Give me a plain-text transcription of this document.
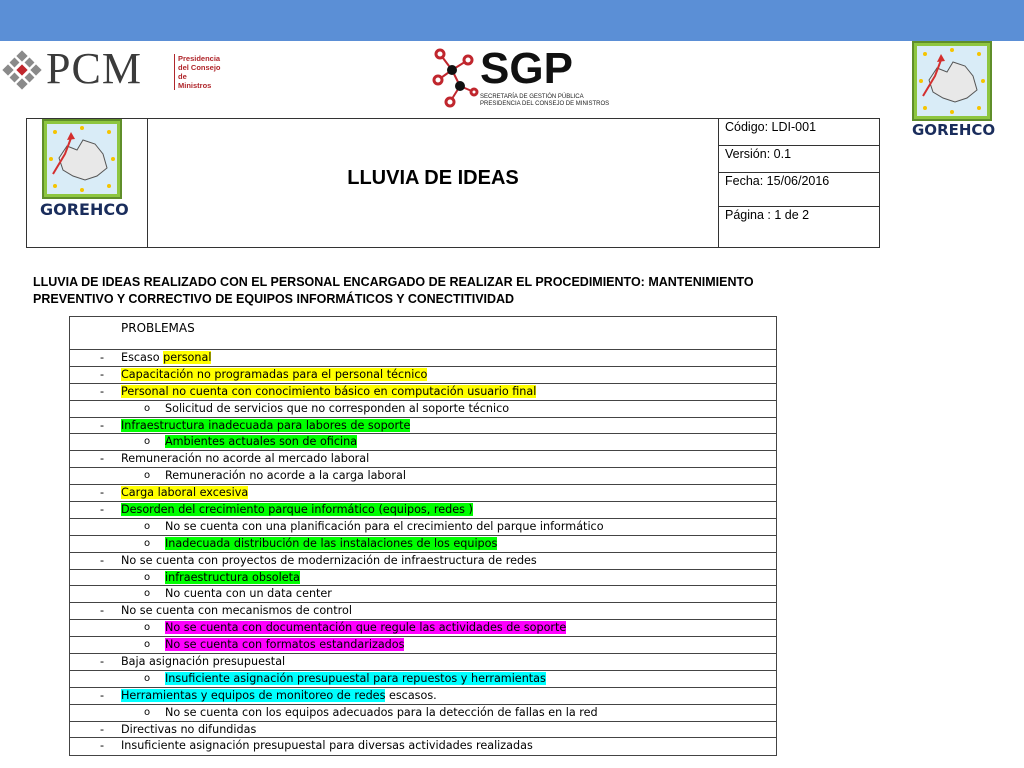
PCM	Presidencia
del Consejo
de Ministros	SGP
SECRETARÍA DE GESTIÓN PÚBLICA
PRESIDENCIA DEL CONSEJO DE MINISTROS
GOREHCO
LLUVIA DE IDEAS
Código: LDI-001
Versión: 0.1
Fecha: 15/06/2016
Página : 1 de 2
GOREHCO
LLUVIA DE IDEAS REALIZADO CON EL PERSONAL ENCARGADO DE REALIZAR EL PROCEDIMIENTO: MANTENIMIENTO PREVENTIVO Y CORRECTIVO DE EQUIPOS INFORMÁTICOS Y CONECTITIVIDAD
PROBLEMAS
- Escaso personal
- Capacitación no programadas para el personal técnico
- Personal no cuenta con conocimiento básico en computación usuario final
o Solicitud de servicios que no corresponden al soporte técnico
- Infraestructura inadecuada para labores de soporte
o Ambientes actuales son de oficina
- Remuneración no acorde al mercado laboral
o Remuneración no acorde a la carga laboral
- Carga laboral excesiva
- Desorden del crecimiento parque informático (equipos, redes )
o No se cuenta con una planificación para el crecimiento del parque informático
o Inadecuada distribución de las instalaciones de los equipos
- No se cuenta con proyectos de modernización de infraestructura de redes
o infraestructura obsoleta
o No cuenta con un data center
- No se cuenta con mecanismos de control
o No se cuenta con documentación que regule las actividades de soporte
o No se cuenta con formatos estandarizados
- Baja asignación presupuestal
o Insuficiente asignación presupuestal para repuestos y herramientas
- Herramientas y equipos de monitoreo de redes escasos.
o No se cuenta con los equipos adecuados para la detección de fallas en la red
- Directivas no difundidas
- Insuficiente asignación presupuestal para diversas actividades realizadas
